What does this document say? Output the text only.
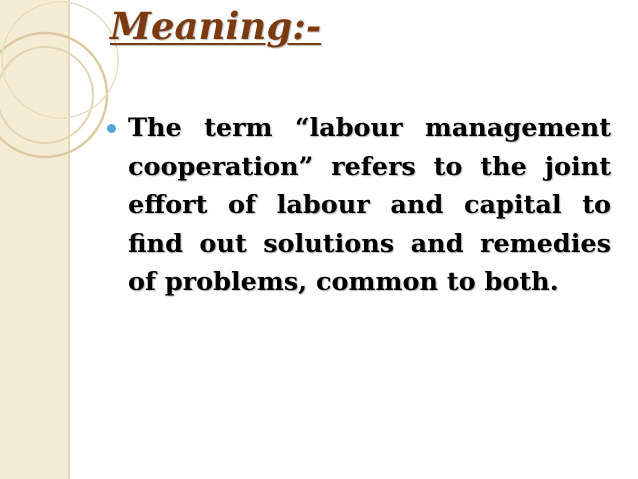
Meaning:-

The term “labour management cooperation” refers to the joint effort of labour and capital to find out solutions and remedies of problems, common to both.
